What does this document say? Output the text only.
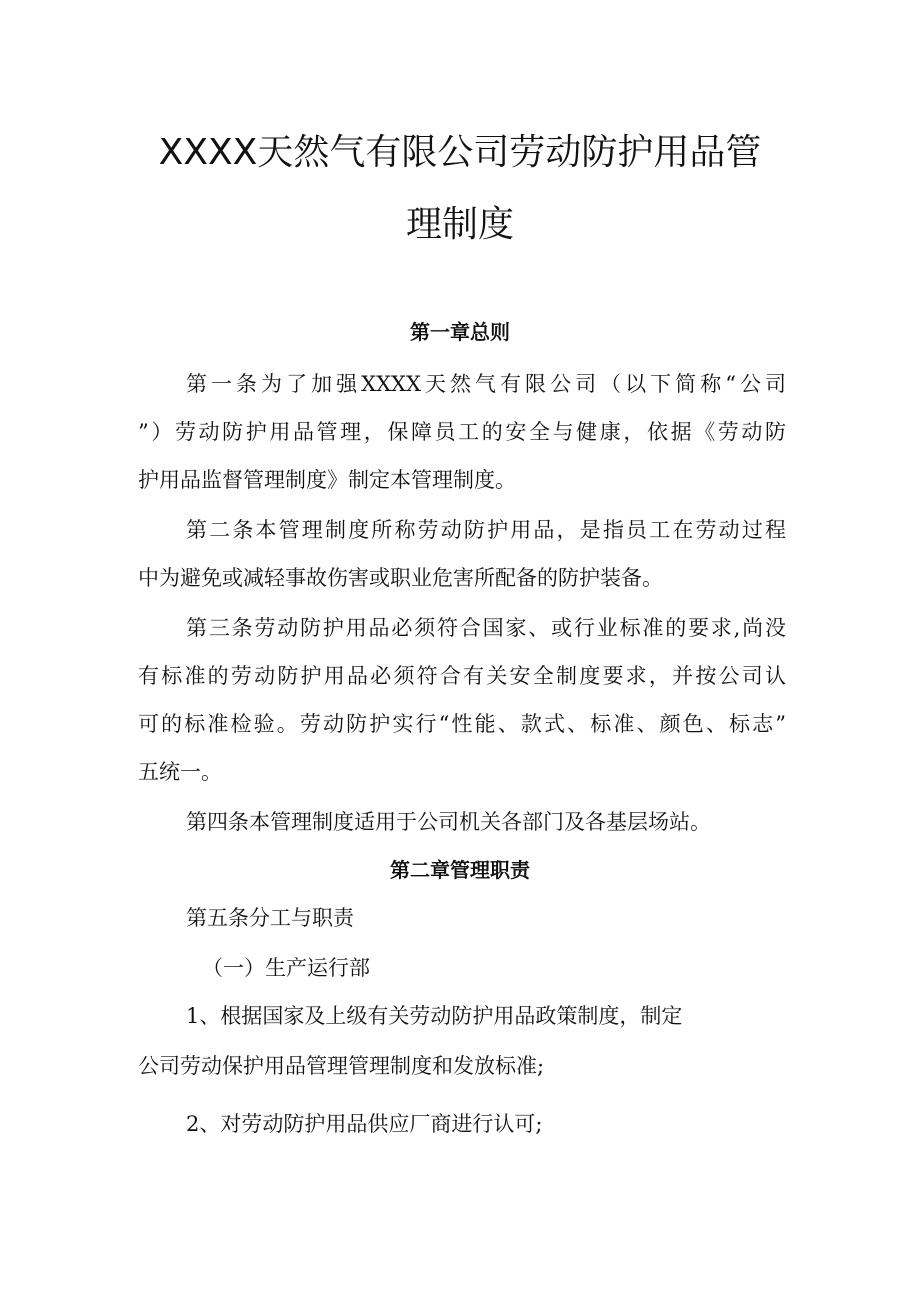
XXXX天然气有限公司劳动防护用品管
理制度
第一章总则
第一条为了加强XXXX天然气有限公司（以下简称“公司
”）劳动防护用品管理，保障员工的安全与健康，依据《劳动防
护用品监督管理制度》制定本管理制度。
第二条本管理制度所称劳动防护用品，是指员工在劳动过程
中为避免或减轻事故伤害或职业危害所配备的防护装备。
第三条劳动防护用品必须符合国家、或行业标准的要求,尚没
有标准的劳动防护用品必须符合有关安全制度要求，并按公司认
可的标准检验。劳动防护实行“性能、款式、标准、颜色、标志”
五统一。
第四条本管理制度适用于公司机关各部门及各基层场站。
第二章管理职责
第五条分工与职责
（一）生产运行部
1、根据国家及上级有关劳动防护用品政策制度，制定
公司劳动保护用品管理管理制度和发放标准;
2、对劳动防护用品供应厂商进行认可;
